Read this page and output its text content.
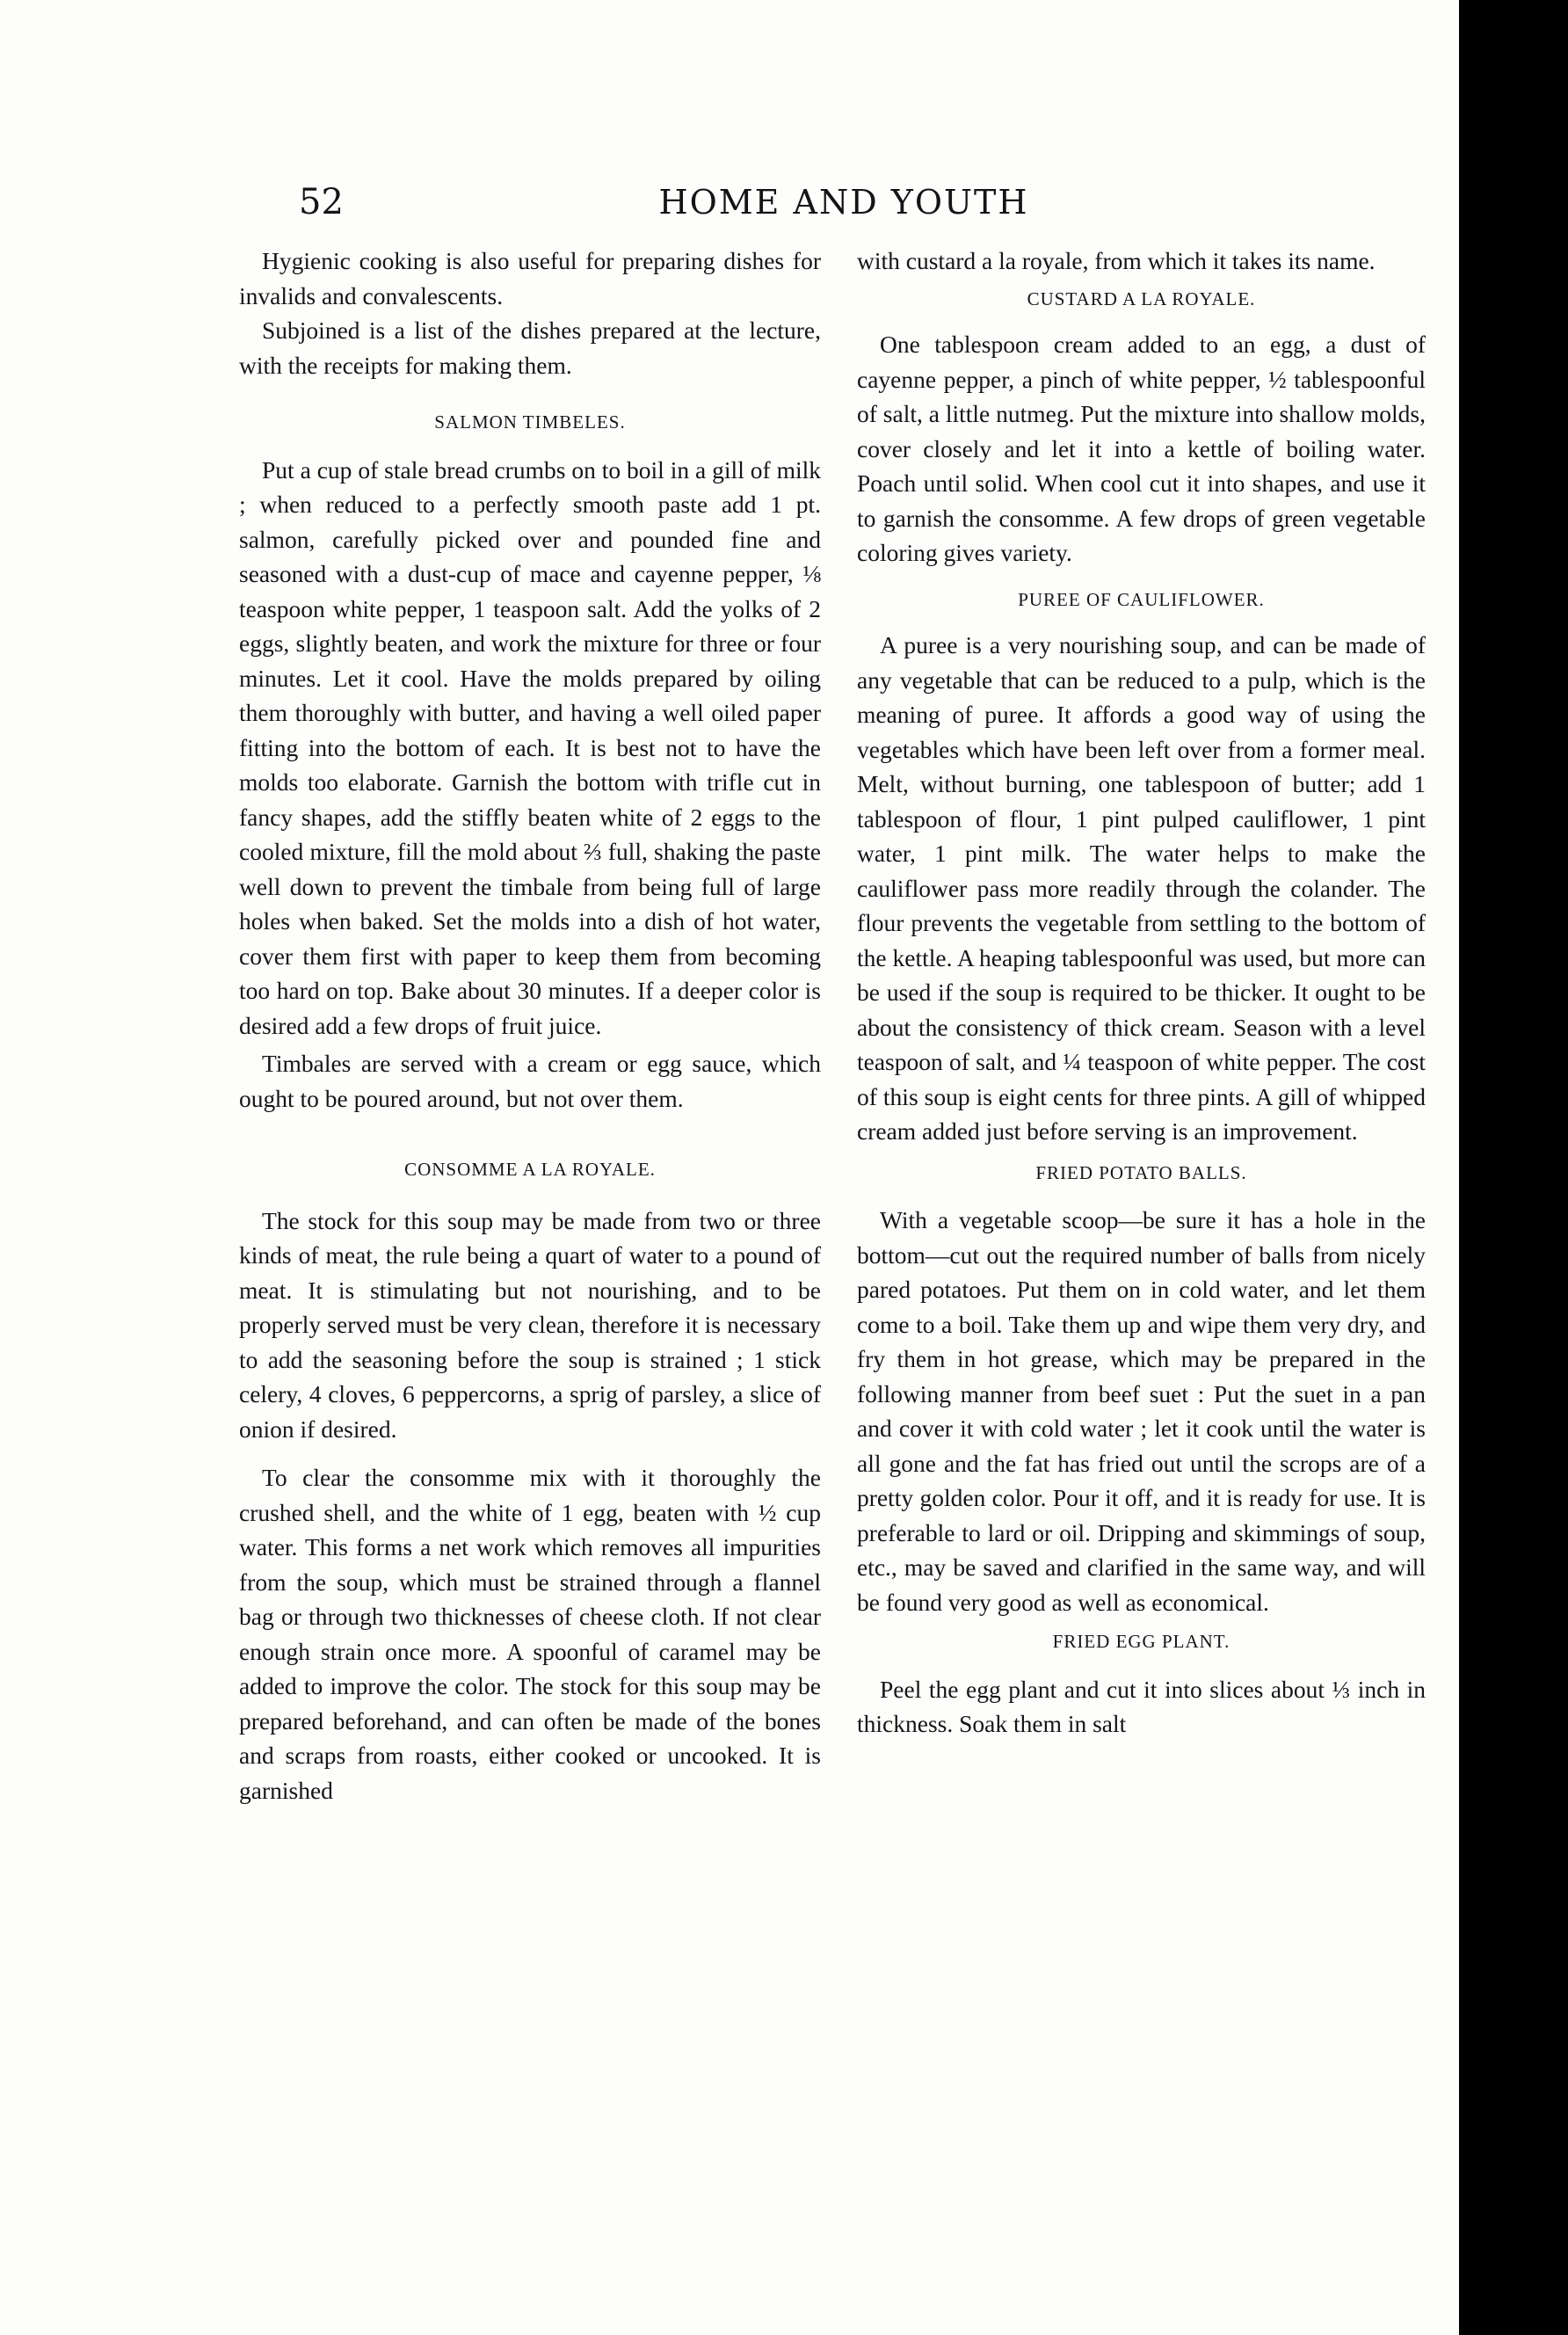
52	HOME AND YOUTH

Hygienic cooking is also useful for preparing dishes for invalids and convalescents.

Subjoined is a list of the dishes prepared at the lecture, with the receipts for making them.

SALMON TIMBELES.

Put a cup of stale bread crumbs on to boil in a gill of milk ; when reduced to a perfectly smooth paste add 1 pt. salmon, carefully picked over and pounded fine and seasoned with a dust-cup of mace and cayenne pepper, ⅛ teaspoon white pepper, 1 teaspoon salt. Add the yolks of 2 eggs, slightly beaten, and work the mixture for three or four minutes. Let it cool. Have the molds prepared by oiling them thoroughly with butter, and having a well oiled paper fitting into the bottom of each. It is best not to have the molds too elaborate. Garnish the bottom with trifle cut in fancy shapes, add the stiffly beaten white of 2 eggs to the cooled mixture, fill the mold about ⅔ full, shaking the paste well down to prevent the timbale from being full of large holes when baked. Set the molds into a dish of hot water, cover them first with paper to keep them from becoming too hard on top. Bake about 30 minutes. If a deeper color is desired add a few drops of fruit juice.

Timbales are served with a cream or egg sauce, which ought to be poured around, but not over them.

CONSOMME A LA ROYALE.

The stock for this soup may be made from two or three kinds of meat, the rule being a quart of water to a pound of meat. It is stimulating but not nourishing, and to be properly served must be very clean, therefore it is necessary to add the seasoning before the soup is strained ; 1 stick celery, 4 cloves, 6 peppercorns, a sprig of parsley, a slice of onion if desired.

To clear the consomme mix with it thoroughly the crushed shell, and the white of 1 egg, beaten with ½ cup water. This forms a net work which removes all impurities from the soup, which must be strained through a flannel bag or through two thicknesses of cheese cloth. If not clear enough strain once more. A spoonful of caramel may be added to improve the color. The stock for this soup may be prepared beforehand, and can often be made of the bones and scraps from roasts, either cooked or uncooked. It is garnished

with custard a la royale, from which it takes its name.

CUSTARD A LA ROYALE.

One tablespoon cream added to an egg, a dust of cayenne pepper, a pinch of white pepper, ½ tablespoonful of salt, a little nutmeg. Put the mixture into shallow molds, cover closely and let it into a kettle of boiling water. Poach until solid. When cool cut it into shapes, and use it to garnish the consomme. A few drops of green vegetable coloring gives variety.

PUREE OF CAULIFLOWER.

A puree is a very nourishing soup, and can be made of any vegetable that can be reduced to a pulp, which is the meaning of puree. It affords a good way of using the vegetables which have been left over from a former meal. Melt, without burning, one tablespoon of butter; add 1 tablespoon of flour, 1 pint pulped cauliflower, 1 pint water, 1 pint milk. The water helps to make the cauliflower pass more readily through the colander. The flour prevents the vegetable from settling to the bottom of the kettle. A heaping tablespoonful was used, but more can be used if the soup is required to be thicker. It ought to be about the consistency of thick cream. Season with a level teaspoon of salt, and ¼ teaspoon of white pepper. The cost of this soup is eight cents for three pints. A gill of whipped cream added just before serving is an improvement.

FRIED POTATO BALLS.

With a vegetable scoop—be sure it has a hole in the bottom—cut out the required number of balls from nicely pared potatoes. Put them on in cold water, and let them come to a boil. Take them up and wipe them very dry, and fry them in hot grease, which may be prepared in the following manner from beef suet : Put the suet in a pan and cover it with cold water ; let it cook until the water is all gone and the fat has fried out until the scrops are of a pretty golden color. Pour it off, and it is ready for use. It is preferable to lard or oil. Dripping and skimmings of soup, etc., may be saved and clarified in the same way, and will be found very good as well as economical.

FRIED EGG PLANT.

Peel the egg plant and cut it into slices about ⅓ inch in thickness. Soak them in salt
